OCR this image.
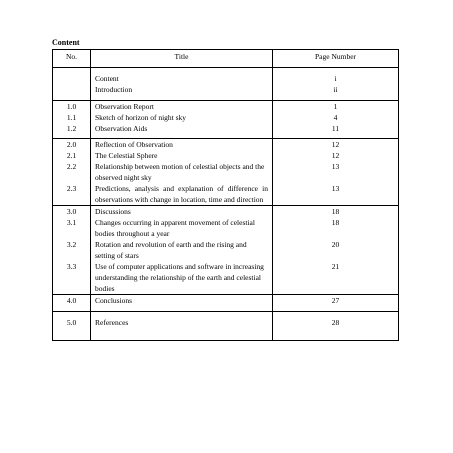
Content
No.	Title	Page Number
	Content	i
	Introduction	ii
1.0	Observation Report	1
1.1	Sketch of horizon of night sky	4
1.2	Observation Aids	11
2.0	Reflection of Observation	12
2.1	The Celestial Sphere	12
2.2	Relationship between motion of celestial objects and the observed night sky	13
2.3	Predictions, analysis and explanation of difference in observations with change in location, time and direction	13
3.0	Discussions	18
3.1	Changes occurring in apparent movement of celestial bodies throughout a year	18
3.2	Rotation and revolution of earth and the rising and setting of stars	20
3.3	Use of computer applications and software in increasing understanding the relationship of the earth and celestial bodies	21
4.0	Conclusions	27
5.0	References	28
